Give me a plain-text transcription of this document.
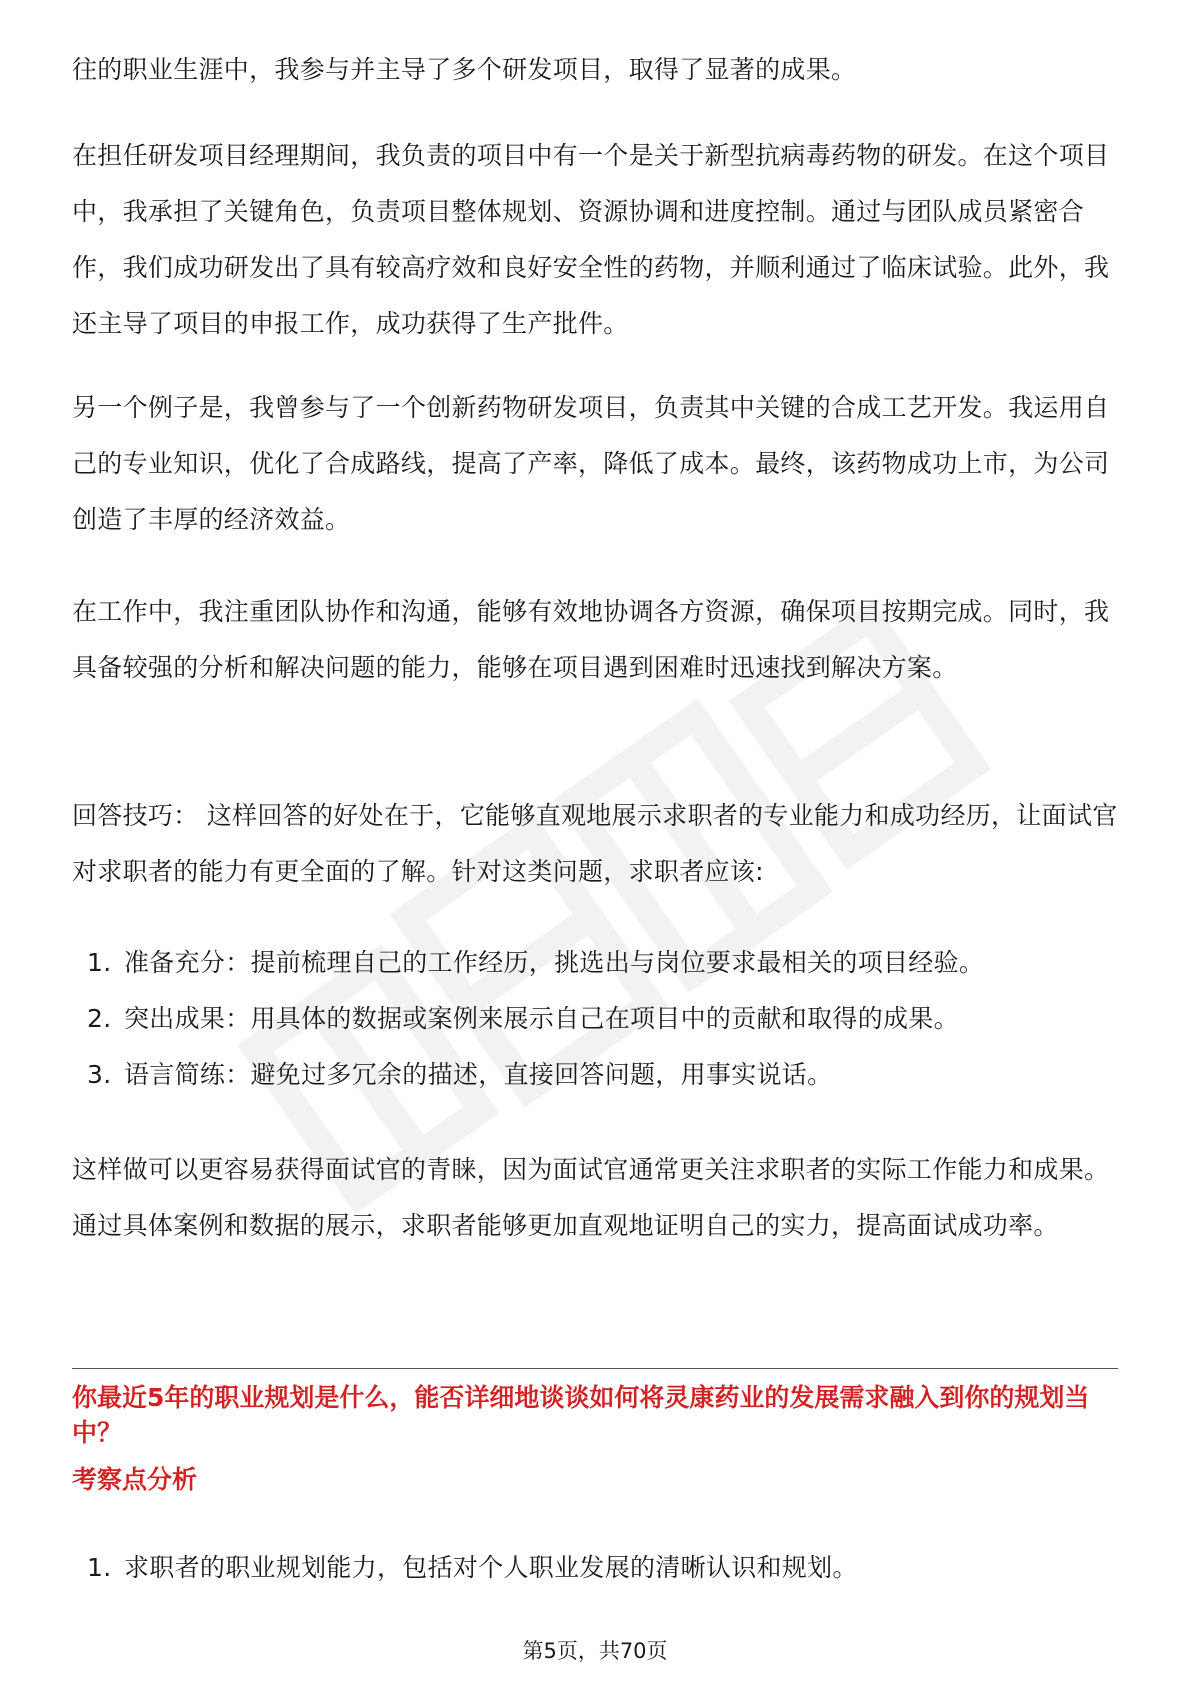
往的职业生涯中，我参与并主导了多个研发项目，取得了显著的成果。

在担任研发项目经理期间，我负责的项目中有一个是关于新型抗病毒药物的研发。在这个项目中，我承担了关键角色，负责项目整体规划、资源协调和进度控制。通过与团队成员紧密合作，我们成功研发出了具有较高疗效和良好安全性的药物，并顺利通过了临床试验。此外，我还主导了项目的申报工作，成功获得了生产批件。

另一个例子是，我曾参与了一个创新药物研发项目，负责其中关键的合成工艺开发。我运用自己的专业知识，优化了合成路线，提高了产率，降低了成本。最终，该药物成功上市，为公司创造了丰厚的经济效益。

在工作中，我注重团队协作和沟通，能够有效地协调各方资源，确保项目按期完成。同时，我具备较强的分析和解决问题的能力，能够在项目遇到困难时迅速找到解决方案。

回答技巧： 这样回答的好处在于，它能够直观地展示求职者的专业能力和成功经历，让面试官对求职者的能力有更全面的了解。针对这类问题，求职者应该:

1. 准备充分：提前梳理自己的工作经历，挑选出与岗位要求最相关的项目经验。
2. 突出成果：用具体的数据或案例来展示自己在项目中的贡献和取得的成果。
3. 语言简练：避免过多冗余的描述，直接回答问题，用事实说话。

这样做可以更容易获得面试官的青睐，因为面试官通常更关注求职者的实际工作能力和成果。通过具体案例和数据的展示，求职者能够更加直观地证明自己的实力，提高面试成功率。

你最近5年的职业规划是什么，能否详细地谈谈如何将灵康药业的发展需求融入到你的规划当中？

考察点分析

1. 求职者的职业规划能力，包括对个人职业发展的清晰认识和规划。
第5页，共70页
